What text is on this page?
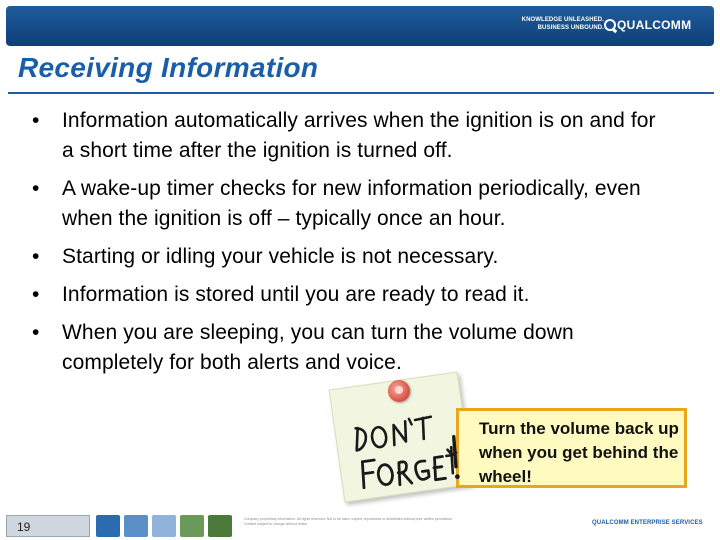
KNOWLEDGE UNLEASHED.
BUSINESS UNBOUND. QUALCOMM
Receiving Information
•	Information automatically arrives when the ignition is on and for a short time after the ignition is turned off.
•	A wake-up timer checks for new information periodically, even when the ignition is off – typically once an hour.
•	Starting or idling your vehicle is not necessary.
•	Information is stored until you are ready to read it.
•	When you are sleeping, you can turn the volume down completely for both alerts and voice.
Turn the volume back up when you get behind the wheel!
19
Company proprietary information. All rights reserved. Not to be used, copied, reproduced or distributed without prior written permission.
Content subject to change without notice.	QUALCOMM ENTERPRISE SERVICES
